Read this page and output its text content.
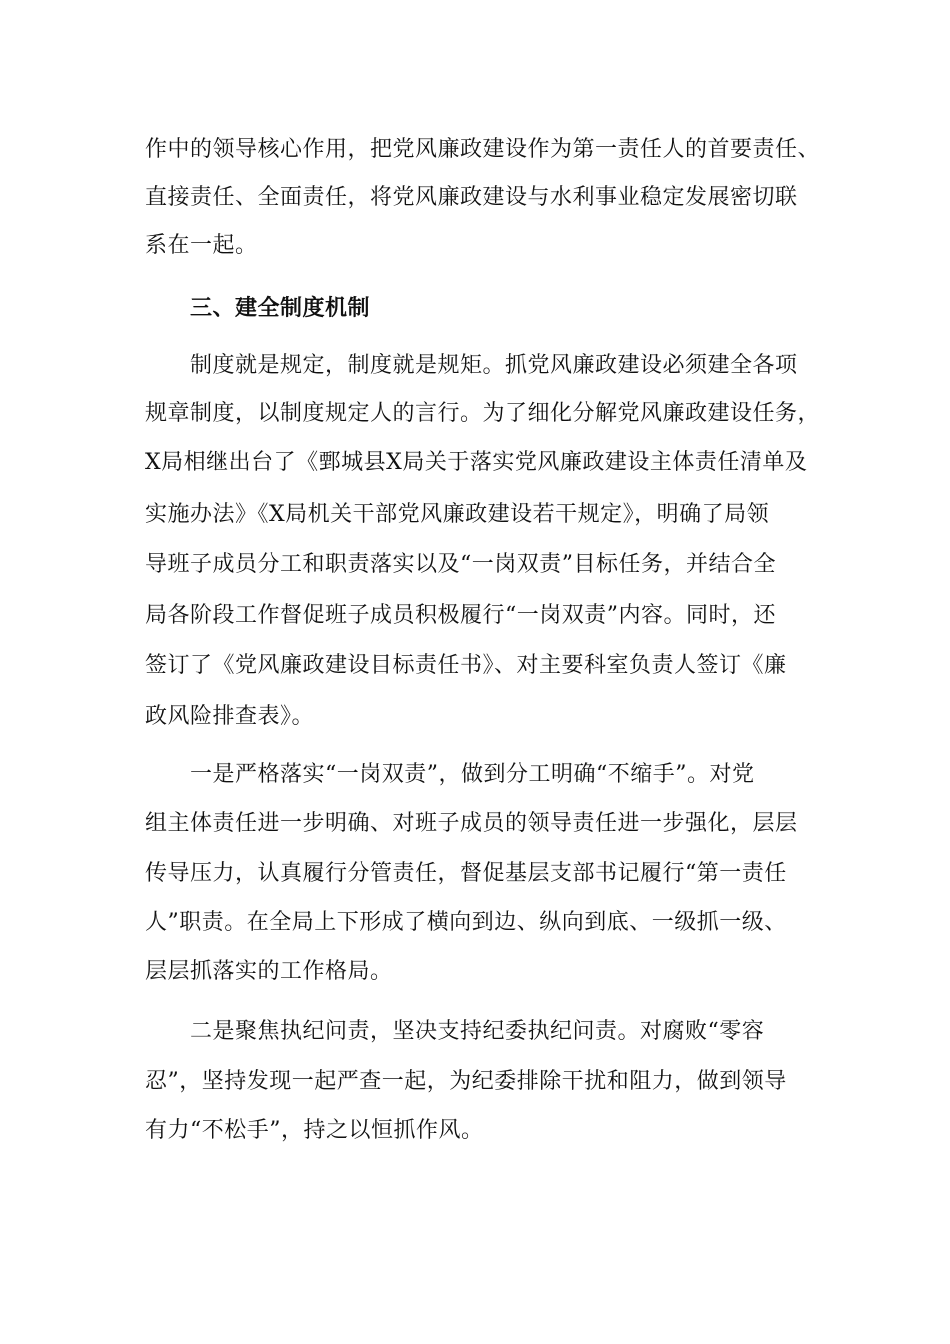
作中的领导核心作用，把党风廉政建设作为第一责任人的首要责任、
直接责任、全面责任，将党风廉政建设与水利事业稳定发展密切联
系在一起。
三、建全制度机制
制度就是规定，制度就是规矩。抓党风廉政建设必须建全各项
规章制度，以制度规定人的言行。为了细化分解党风廉政建设任务，
X局相继出台了《鄄城县X局关于落实党风廉政建设主体责任清单及
实施办法》《X局机关干部党风廉政建设若干规定》，明确了局领
导班子成员分工和职责落实以及“一岗双责”目标任务，并结合全
局各阶段工作督促班子成员积极履行“一岗双责”内容。同时，还
签订了《党风廉政建设目标责任书》、对主要科室负责人签订《廉
政风险排查表》。
一是严格落实“一岗双责”，做到分工明确“不缩手”。对党
组主体责任进一步明确、对班子成员的领导责任进一步强化，层层
传导压力，认真履行分管责任，督促基层支部书记履行“第一责任
人”职责。在全局上下形成了横向到边、纵向到底、一级抓一级、
层层抓落实的工作格局。
二是聚焦执纪问责，坚决支持纪委执纪问责。对腐败“零容
忍”，坚持发现一起严查一起，为纪委排除干扰和阻力，做到领导
有力“不松手”，持之以恒抓作风。
